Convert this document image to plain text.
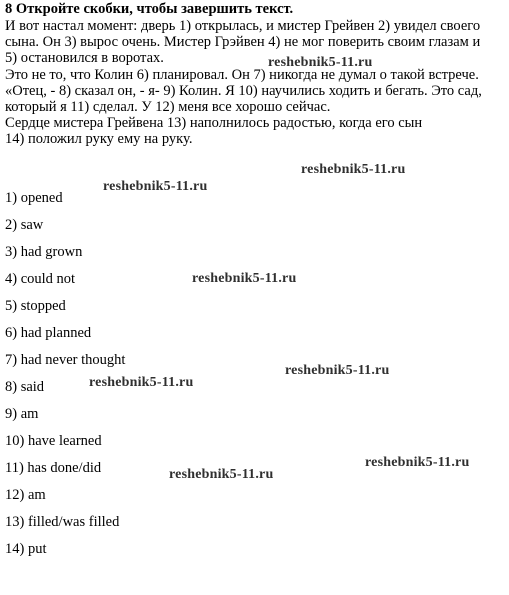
8 Откройте скобки, чтобы завершить текст.
И вот настал момент: дверь 1) открылась, и мистер Грейвен 2) увидел своего
сына. Он 3) вырос очень. Мистер Грэйвен 4) не мог поверить своим глазам и
5) остановился в воротах.
Это не то, что Колин 6) планировал. Он 7) никогда не думал о такой встрече.
«Отец, - 8) сказал он, - я- 9) Колин. Я 10) научились ходить и бегать. Это сад,
который я 11) сделал. У 12) меня все хорошо сейчас.
Сердце мистера Грейвена 13) наполнилось радостью, когда его сын
14) положил руку ему на руку.
1) opened
2) saw
3) had grown
4) could not
5) stopped
6) had planned
7) had never thought
8) said
9) am
10) have learned
11) has done/did
12) am
13) filled/was filled
14) put
reshebnik5-11.ru
reshebnik5-11.ru
reshebnik5-11.ru
reshebnik5-11.ru
reshebnik5-11.ru
reshebnik5-11.ru
reshebnik5-11.ru
reshebnik5-11.ru
